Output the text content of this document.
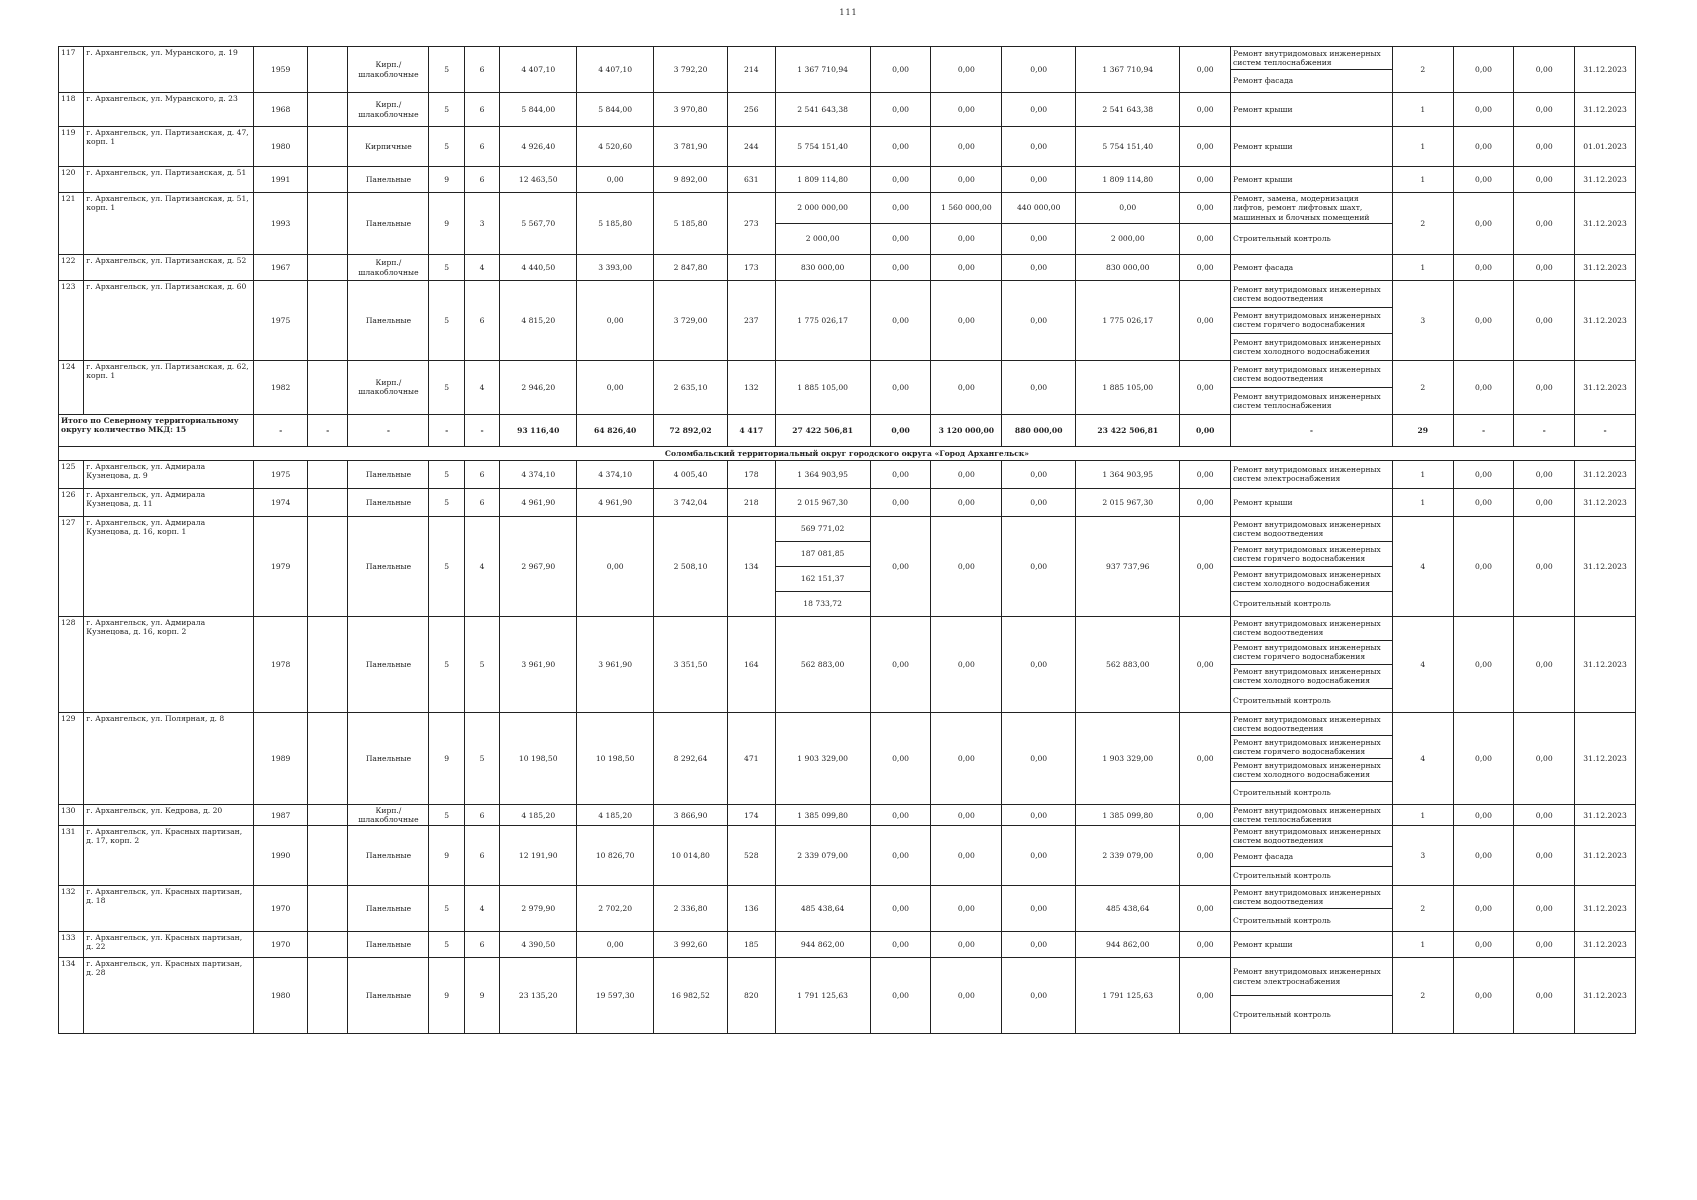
111
117	г. Архангельск, ул. Муранского, д. 19	1959		Кирп./ шлакоблочные	5	6	4 407,10	4 407,10	3 792,20	214	1 367 710,94	0,00	0,00	0,00	1 367 710,94	0,00	Ремонт внутридомовых инженерных систем теплоснабжения	2	0,00	0,00	31.12.2023
																	Ремонт фасада				
118	г. Архангельск, ул. Муранского, д. 23	1968		Кирп./ шлакоблочные	5	6	5 844,00	5 844,00	3 970,80	256	2 541 643,38	0,00	0,00	0,00	2 541 643,38	0,00	Ремонт крыши	1	0,00	0,00	31.12.2023
119	г. Архангельск, ул. Партизанская, д. 47, корп. 1	1980		Кирпичные	5	6	4 926,40	4 520,60	3 781,90	244	5 754 151,40	0,00	0,00	0,00	5 754 151,40	0,00	Ремонт крыши	1	0,00	0,00	01.01.2023
120	г. Архангельск, ул. Партизанская, д. 51	1991		Панельные	9	6	12 463,50	0,00	9 892,00	631	1 809 114,80	0,00	0,00	0,00	1 809 114,80	0,00	Ремонт крыши	1	0,00	0,00	31.12.2023
121	г. Архангельск, ул. Партизанская, д. 51, корп. 1	1993		Панельные	9	3	5 567,70	5 185,80	5 185,80	273	2 000 000,00	0,00	1 560 000,00	440 000,00	0,00	0,00	Ремонт, замена, модернизация лифтов, ремонт лифтовых шахт, машинных и блочных помещений	2	0,00	0,00	31.12.2023
											2 000,00	0,00	0,00	0,00	2 000,00	0,00	Строительный контроль				
122	г. Архангельск, ул. Партизанская, д. 52	1967		Кирп./ шлакоблочные	5	4	4 440,50	3 393,00	2 847,80	173	830 000,00	0,00	0,00	0,00	830 000,00	0,00	Ремонт фасада	1	0,00	0,00	31.12.2023
123	г. Архангельск, ул. Партизанская, д. 60	1975		Панельные	5	6	4 815,20	0,00	3 729,00	237	1 775 026,17	0,00	0,00	0,00	1 775 026,17	0,00	Ремонт внутридомовых инженерных систем водоотведения	3	0,00	0,00	31.12.2023
																	Ремонт внутридомовых инженерных систем горячего водоснабжения				
																	Ремонт внутридомовых инженерных систем холодного водоснабжения				
124	г. Архангельск, ул. Партизанская, д. 62, корп. 1	1982		Кирп./ шлакоблочные	5	4	2 946,20	0,00	2 635,10	132	1 885 105,00	0,00	0,00	0,00	1 885 105,00	0,00	Ремонт внутридомовых инженерных систем водоотведения	2	0,00	0,00	31.12.2023
																	Ремонт внутридомовых инженерных систем теплоснабжения				
Итого по Северному территориальному округу количество МКД: 15		-	-	-	-	-	93 116,40	64 826,40	72 892,02	4 417	27 422 506,81	0,00	3 120 000,00	880 000,00	23 422 506,81	0,00	-	29	-	-	-
Соломбальский территориальный округ городского округа «Город Архангельск»																					
125	г. Архангельск, ул. Адмирала Кузнецова, д. 9	1975		Панельные	5	6	4 374,10	4 374,10	4 005,40	178	1 364 903,95	0,00	0,00	0,00	1 364 903,95	0,00	Ремонт внутридомовых инженерных систем электроснабжения	1	0,00	0,00	31.12.2023
126	г. Архангельск, ул. Адмирала Кузнецова, д. 11	1974		Панельные	5	6	4 961,90	4 961,90	3 742,04	218	2 015 967,30	0,00	0,00	0,00	2 015 967,30	0,00	Ремонт крыши	1	0,00	0,00	31.12.2023
127	г. Архангельск, ул. Адмирала Кузнецова, д. 16, корп. 1	1979		Панельные	5	4	2 967,90	0,00	2 508,10	134	569 771,02	0,00	0,00	0,00	937 737,96	0,00	Ремонт внутридомовых инженерных систем водоотведения	4	0,00	0,00	31.12.2023
											187 081,85						Ремонт внутридомовых инженерных систем горячего водоснабжения				
											162 151,37						Ремонт внутридомовых инженерных систем холодного водоснабжения				
											18 733,72						Строительный контроль				
128	г. Архангельск, ул. Адмирала Кузнецова, д. 16, корп. 2	1978		Панельные	5	5	3 961,90	3 961,90	3 351,50	164	562 883,00	0,00	0,00	0,00	562 883,00	0,00	Ремонт внутридомовых инженерных систем водоотведения	4	0,00	0,00	31.12.2023
																	Ремонт внутридомовых инженерных систем горячего водоснабжения				
																	Ремонт внутридомовых инженерных систем холодного водоснабжения				
																	Строительный контроль				
129	г. Архангельск, ул. Полярная, д. 8	1989		Панельные	9	5	10 198,50	10 198,50	8 292,64	471	1 903 329,00	0,00	0,00	0,00	1 903 329,00	0,00	Ремонт внутридомовых инженерных систем водоотведения	4	0,00	0,00	31.12.2023
																	Ремонт внутридомовых инженерных систем горячего водоснабжения				
																	Ремонт внутридомовых инженерных систем холодного водоснабжения				
																	Строительный контроль				
130	г. Архангельск, ул. Кедрова, д. 20	1987		Кирп./ шлакоблочные	5	6	4 185,20	4 185,20	3 866,90	174	1 385 099,80	0,00	0,00	0,00	1 385 099,80	0,00	Ремонт внутридомовых инженерных систем теплоснабжения	1	0,00	0,00	31.12.2023
131	г. Архангельск, ул. Красных партизан, д. 17, корп. 2	1990		Панельные	9	6	12 191,90	10 826,70	10 014,80	528	2 339 079,00	0,00	0,00	0,00	2 339 079,00	0,00	Ремонт внутридомовых инженерных систем водоотведения	3	0,00	0,00	31.12.2023
																	Ремонт фасада				
																	Строительный контроль				
132	г. Архангельск, ул. Красных партизан, д. 18	1970		Панельные	5	4	2 979,90	2 702,20	2 336,80	136	485 438,64	0,00	0,00	0,00	485 438,64	0,00	Ремонт внутридомовых инженерных систем водоотведения	2	0,00	0,00	31.12.2023
																	Строительный контроль				
133	г. Архангельск, ул. Красных партизан, д. 22	1970		Панельные	5	6	4 390,50	0,00	3 992,60	185	944 862,00	0,00	0,00	0,00	944 862,00	0,00	Ремонт крыши	1	0,00	0,00	31.12.2023
134	г. Архангельск, ул. Красных партизан, д. 28	1980		Панельные	9	9	23 135,20	19 597,30	16 982,52	820	1 791 125,63	0,00	0,00	0,00	1 791 125,63	0,00	Ремонт внутридомовых инженерных систем электроснабжения	2	0,00	0,00	31.12.2023
																	Строительный контроль				
